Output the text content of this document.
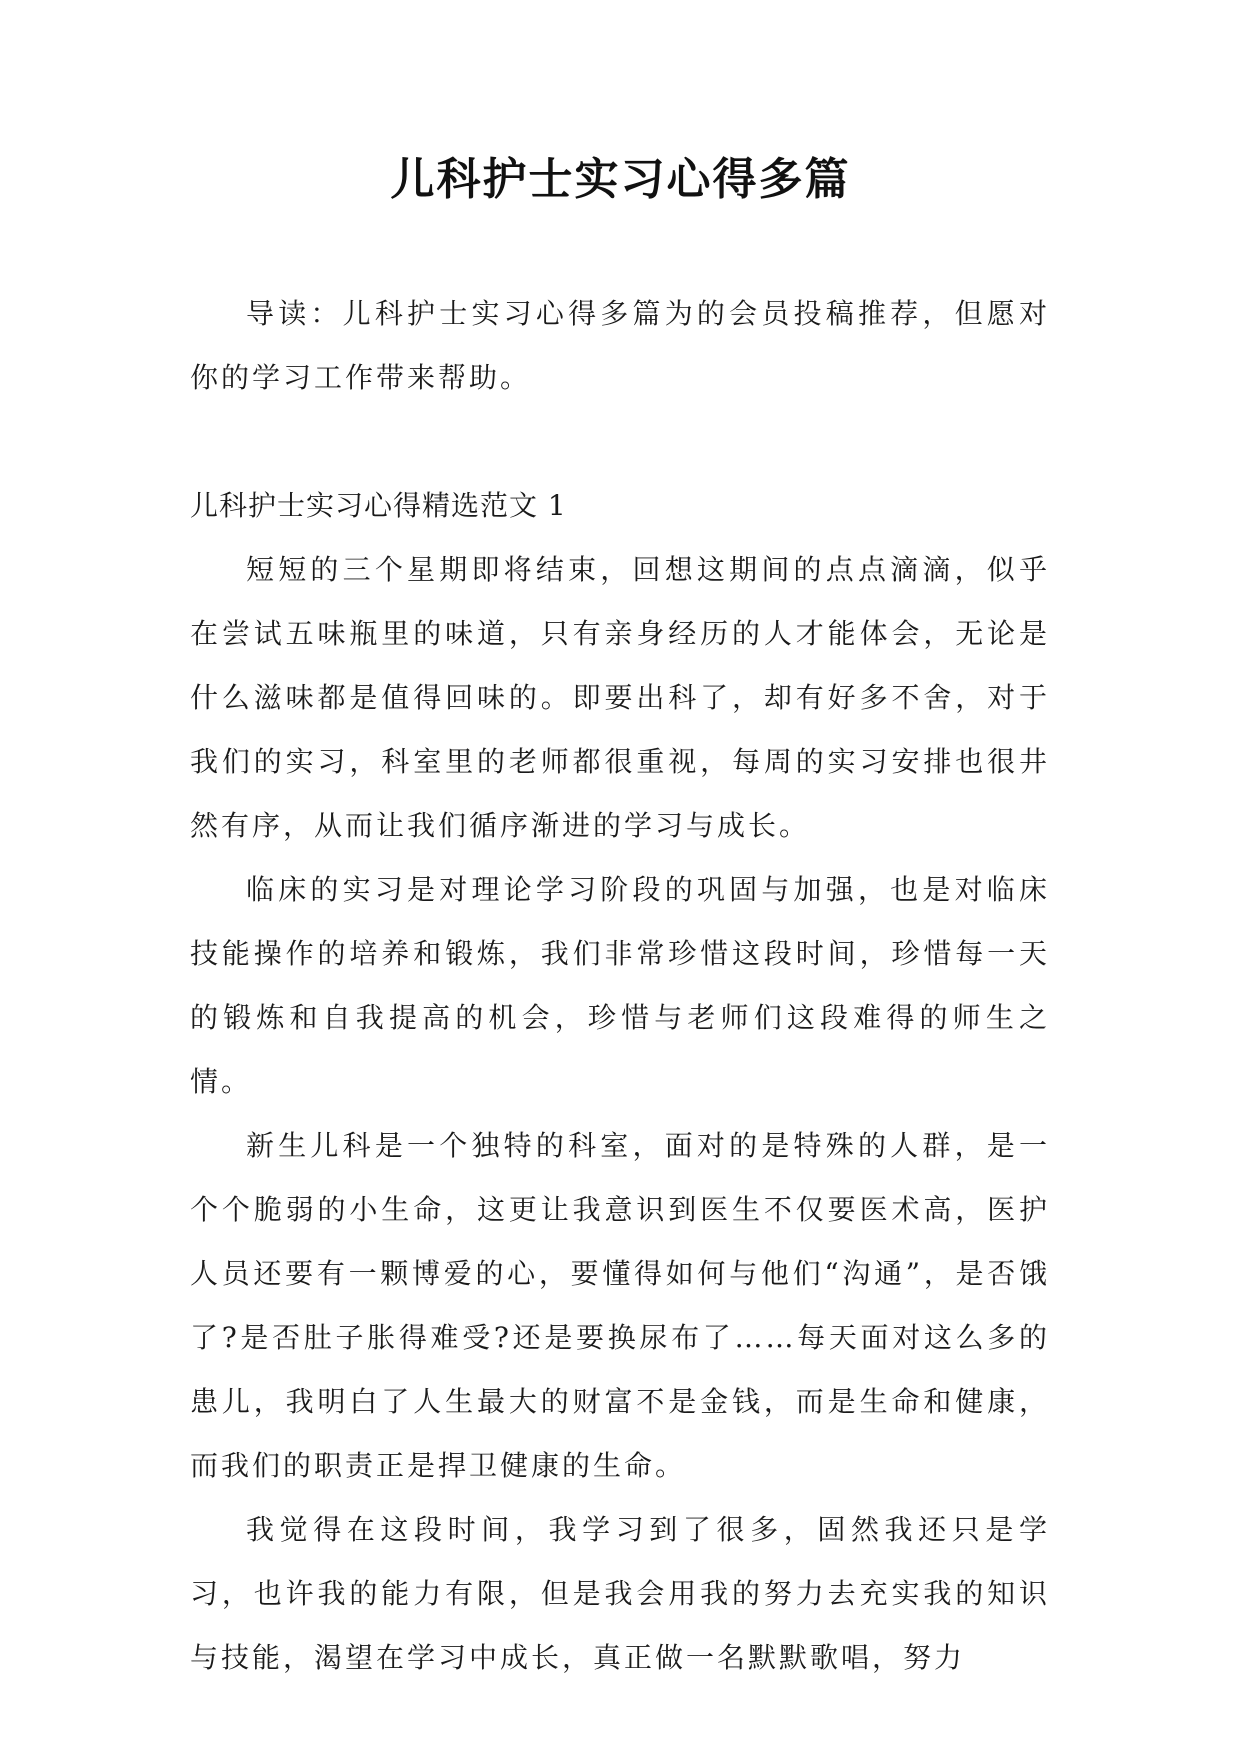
儿科护士实习心得多篇

导读：儿科护士实习心得多篇为的会员投稿推荐，但愿对你的学习工作带来帮助。

儿科护士实习心得精选范文 1

短短的三个星期即将结束，回想这期间的点点滴滴，似乎在尝试五味瓶里的味道，只有亲身经历的人才能体会，无论是什么滋味都是值得回味的。即要出科了，却有好多不舍，对于我们的实习，科室里的老师都很重视，每周的实习安排也很井然有序，从而让我们循序渐进的学习与成长。

临床的实习是对理论学习阶段的巩固与加强，也是对临床技能操作的培养和锻炼，我们非常珍惜这段时间，珍惜每一天的锻炼和自我提高的机会，珍惜与老师们这段难得的师生之情。

新生儿科是一个独特的科室，面对的是特殊的人群，是一个个脆弱的小生命，这更让我意识到医生不仅要医术高，医护人员还要有一颗博爱的心，要懂得如何与他们“沟通”，是否饿了?是否肚子胀得难受?还是要换尿布了……每天面对这么多的患儿，我明白了人生最大的财富不是金钱，而是生命和健康，而我们的职责正是捍卫健康的生命。

我觉得在这段时间，我学习到了很多，固然我还只是学习，也许我的能力有限，但是我会用我的努力去充实我的知识与技能，渴望在学习中成长，真正做一名默默歌唱，努力
